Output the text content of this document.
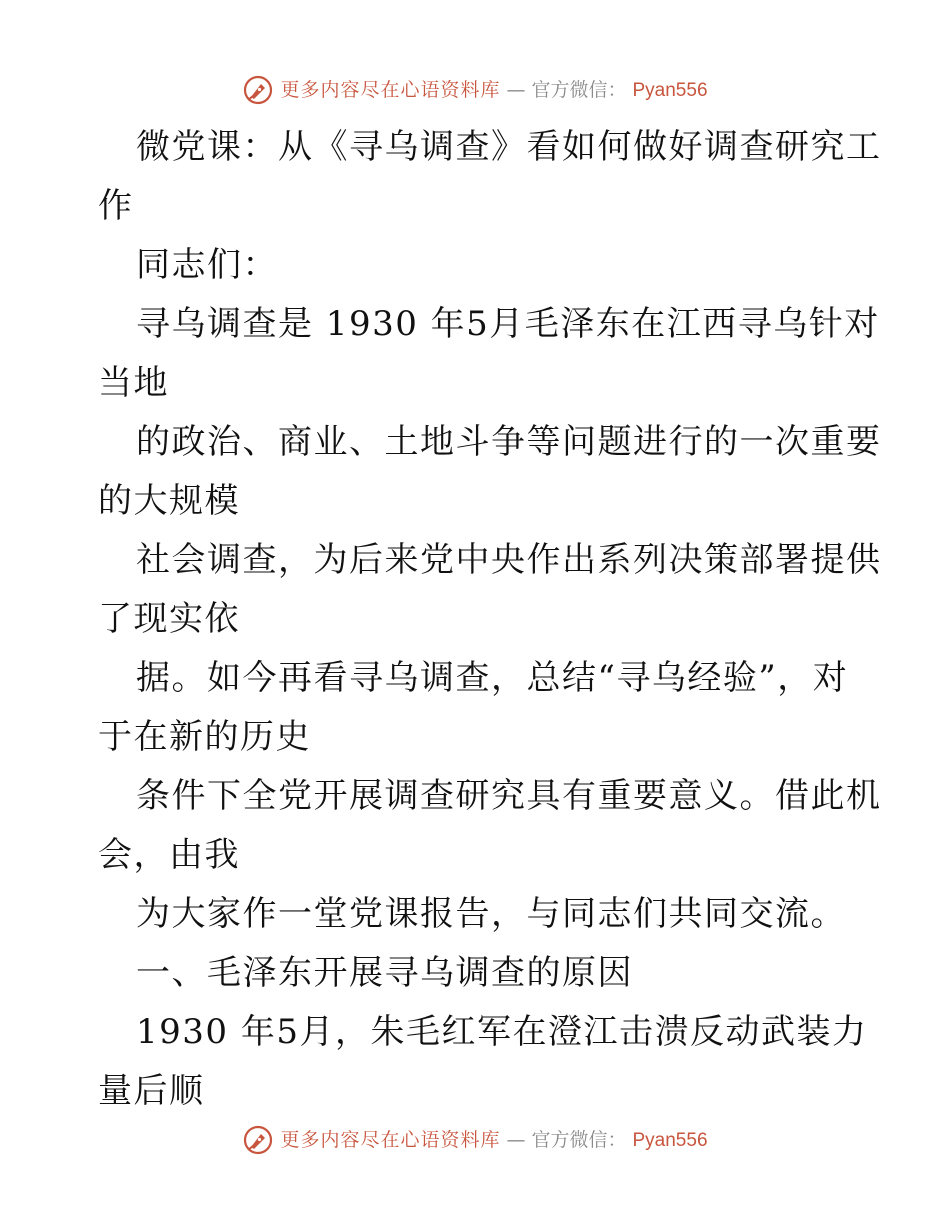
更多内容尽在心语资料库 — 官方微信： Pyan556
微党课：从《寻乌调查》看如何做好调查研究工
作
同志们：
寻乌调查是 1930 年5月毛泽东在江西寻乌针对
当地
的政治、商业、土地斗争等问题进行的一次重要
的大规模
社会调查，为后来党中央作出系列决策部署提供
了现实依
据。如今再看寻乌调查，总结“寻乌经验”，对
于在新的历史
条件下全党开展调查研究具有重要意义。借此机
会，由我
为大家作一堂党课报告，与同志们共同交流。
一、毛泽东开展寻乌调查的原因
1930 年5月，朱毛红军在澄江击溃反动武装力
量后顺
更多内容尽在心语资料库 — 官方微信： Pyan556
